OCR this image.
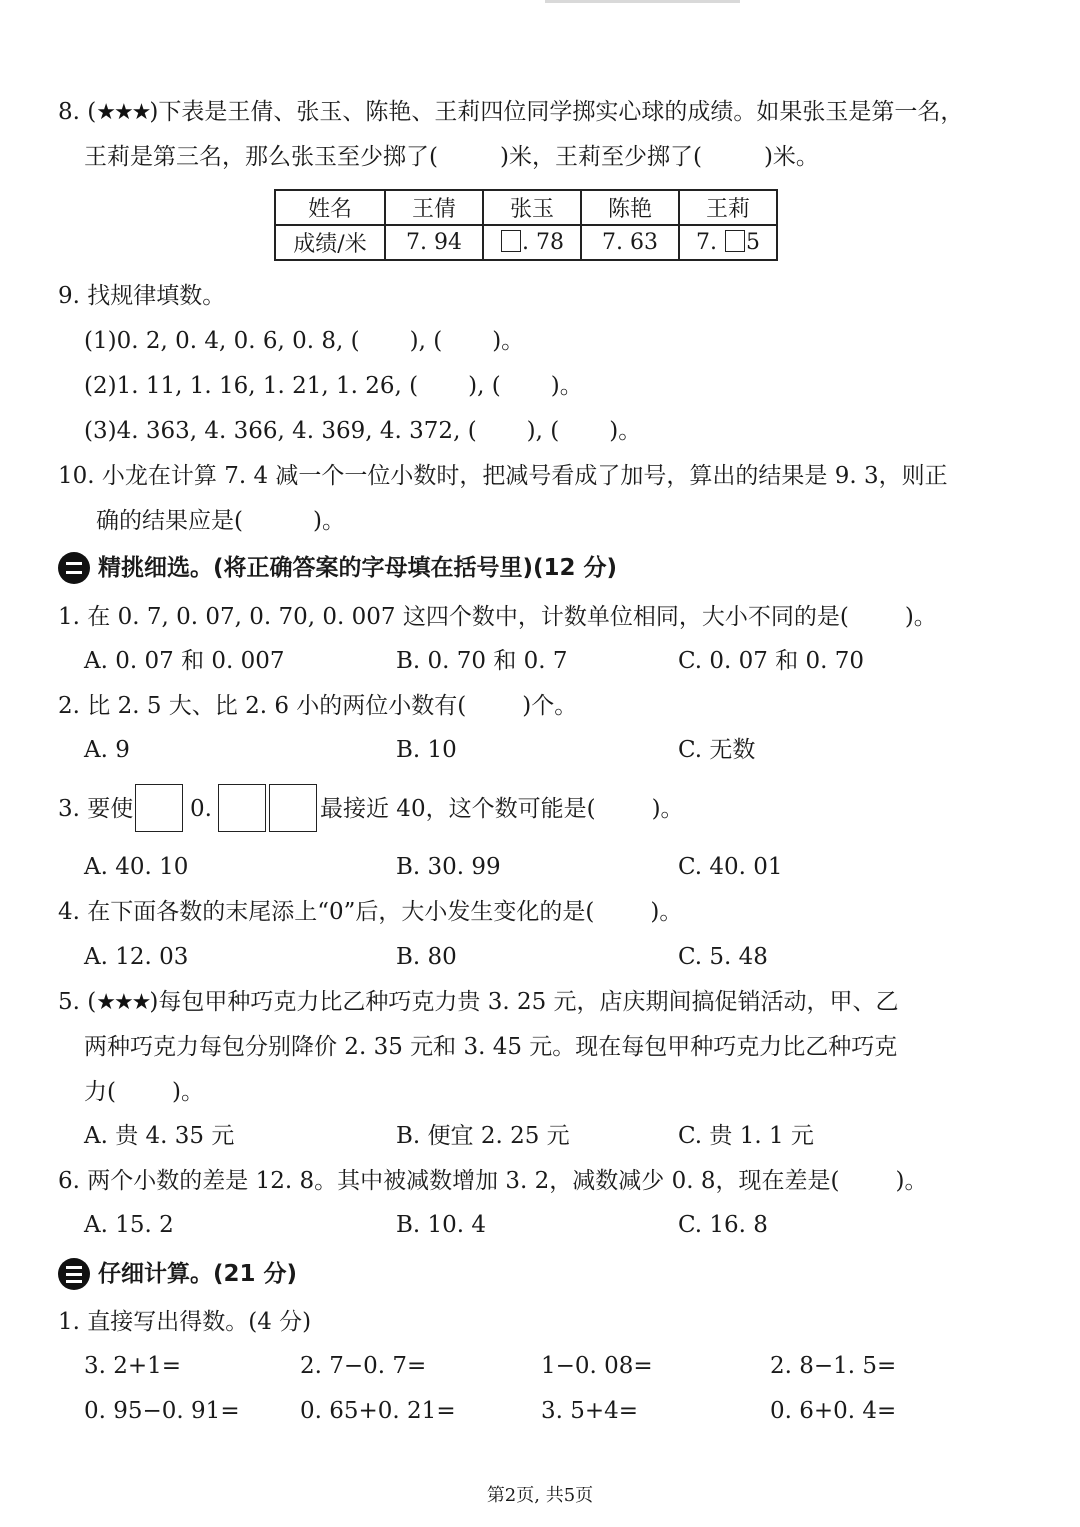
8. (★★★)下表是王倩、张玉、陈艳、王莉四位同学掷实心球的成绩。如果张玉是第一名，
王莉是第三名，那么张玉至少掷了(	)米，王莉至少掷了(	)米。
姓名	王倩	张玉	陈艳	王莉
成绩/米	7. 94	. 78	7. 63	7. 5
9. 找规律填数。
(1)0. 2, 0. 4, 0. 6, 0. 8, ( ), ( )。
(2)1. 11, 1. 16, 1. 21, 1. 26, ( ), ( )。
(3)4. 363, 4. 366, 4. 369, 4. 372, ( ), ( )。
10. 小龙在计算 7. 4 减一个一位小数时，把减号看成了加号，算出的结果是 9. 3，则正
确的结果应是(	)。
精挑细选。(将正确答案的字母填在括号里)(12 分)
1. 在 0. 7, 0. 07, 0. 70, 0. 007 这四个数中，计数单位相同，大小不同的是( )。
A. 0. 07 和 0. 007	B. 0. 70 和 0. 7	C. 0. 07 和 0. 70
2. 比 2. 5 大、比 2. 6 小的两位小数有( )个。
A. 9	B. 10	C. 无数
3. 要使 0.	最接近 40，这个数可能是( )。
A. 40. 10	B. 30. 99	C. 40. 01
4. 在下面各数的末尾添上“0”后，大小发生变化的是( )。
A. 12. 03	B. 80	C. 5. 48
5. (★★★)每包甲种巧克力比乙种巧克力贵 3. 25 元，店庆期间搞促销活动，甲、乙
两种巧克力每包分别降价 2. 35 元和 3. 45 元。现在每包甲种巧克力比乙种巧克
力( )。
A. 贵 4. 35 元	B. 便宜 2. 25 元	C. 贵 1. 1 元
6. 两个小数的差是 12. 8。其中被减数增加 3. 2，减数减少 0. 8，现在差是( )。
A. 15. 2	B. 10. 4	C. 16. 8
仔细计算。(21 分)
1. 直接写出得数。(4 分)
3. 2+1=	2. 7−0. 7=	1−0. 08=	2. 8−1. 5=
0. 95−0. 91=	0. 65+0. 21=	3. 5+4=	0. 6+0. 4=
第2页, 共5页
